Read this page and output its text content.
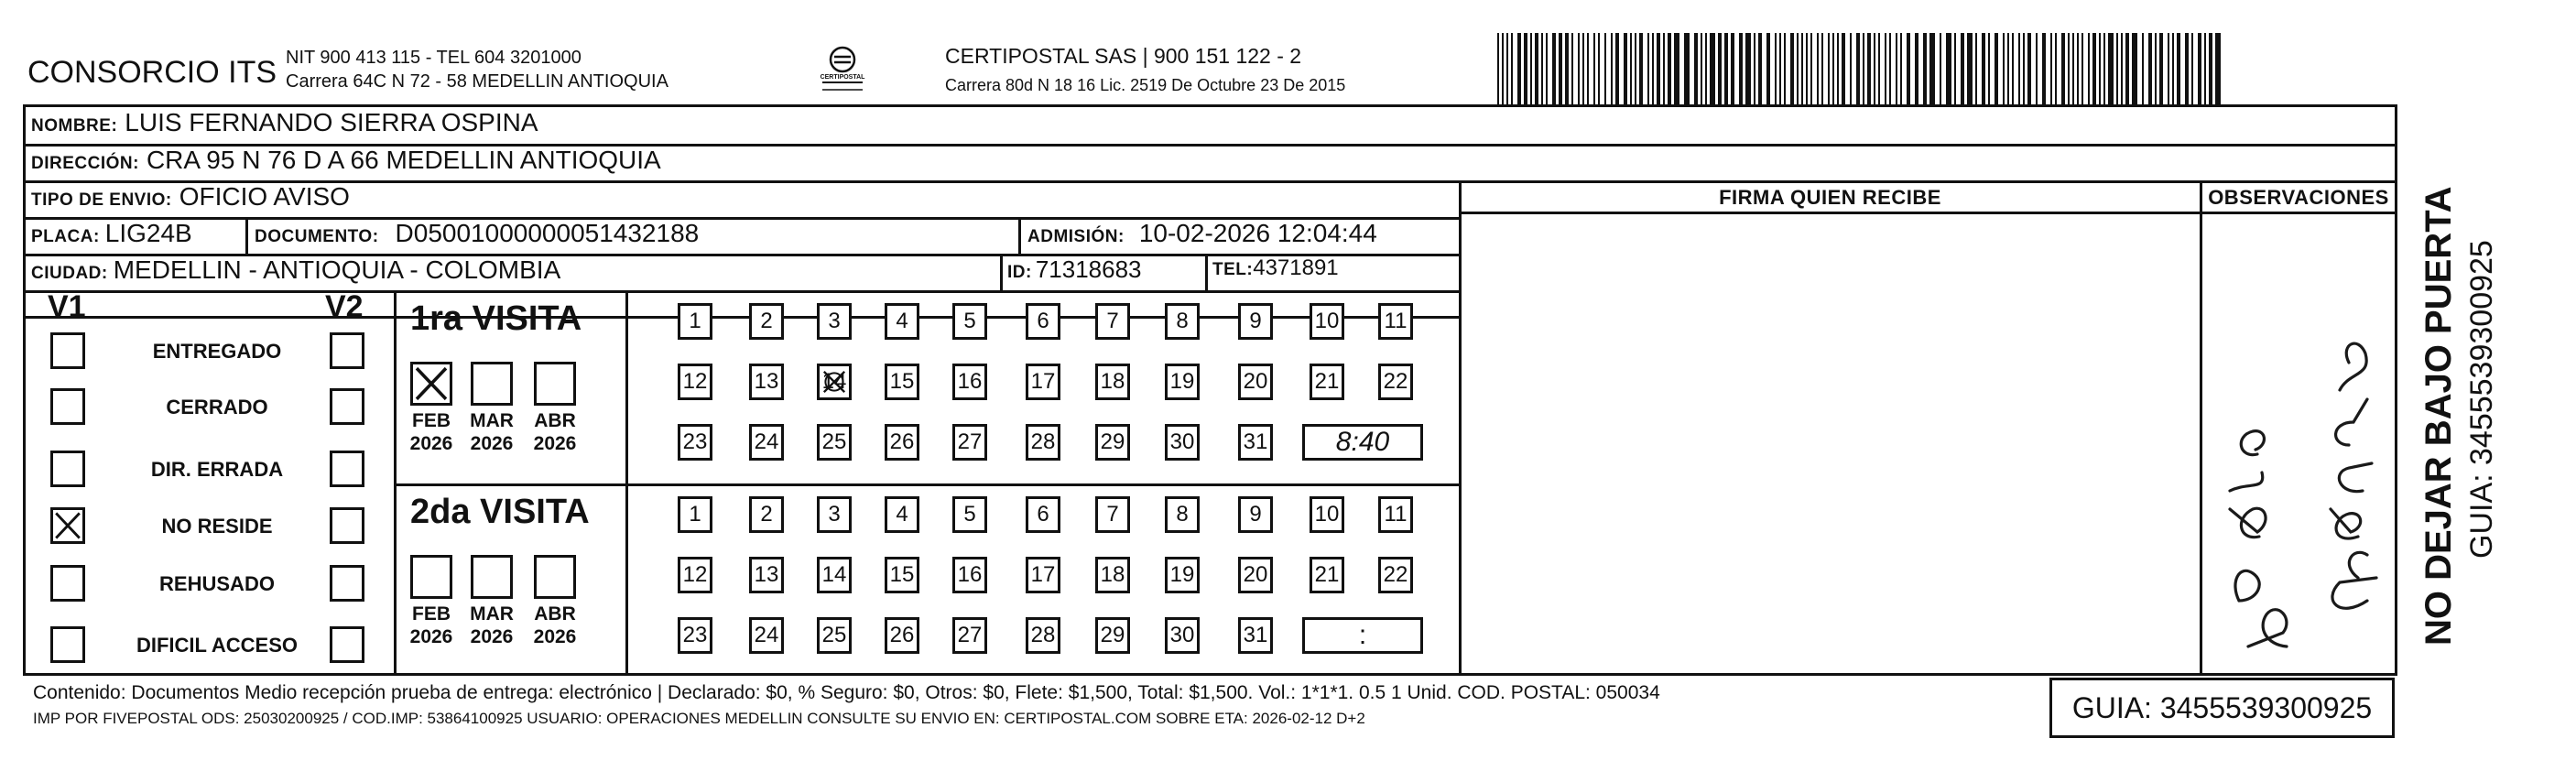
CONSORCIO ITS NIT 900 413 115 - TEL 604 3201000
Carrera 64C N 72 - 58 MEDELLIN ANTIOQUIA	CERTIPOSTAL
CERTIPOSTAL SAS | 900 151 122 - 2
Carrera 80d N 18 16 Lic. 2519 De Octubre 23 De 2015
NOMBRE: LUIS FERNANDO SIERRA OSPINA
DIRECCIÓN: CRA 95 N 76 D A 66 MEDELLIN ANTIOQUIA
TIPO DE ENVIO: OFICIO AVISO
PLACA: LIG24B	DOCUMENTO: D05001000000051432188	ADMISIÓN: 10-02-2026 12:04:44
CIUDAD: MEDELLIN - ANTIOQUIA - COLOMBIA	ID: 71318683	TEL: 4371891
FIRMA QUIEN RECIBE	OBSERVACIONES
V1	V2
ENTREGADO
CERRADO
DIR. ERRADA
NO RESIDE
REHUSADO
DIFICIL ACCESO
1ra VISITA
FEB
2026
MAR
2026
ABR
2026
1	2	3	4	5	6	7	8	9 10 11
12 13 14 15 16 17 18 19 20 21 22
23 24 25 26 27 28 29 30 31 8:40
2da VISITA
FEB
2026
MAR
2026
ABR
2026
1	2	3	4	5	6	7	8	9 10 11
12 13 14 15 16 17 18 19 20 21 22
23 24 25 26 27 28 29 30 31	:
Contenido: Documentos Medio recepción prueba de entrega: electrónico | Declarado: $0, % Seguro: $0, Otros: $0, Flete: $1,500, Total: $1,500. Vol.: 1*1*1. 0.5 1 Unid. COD. POSTAL: 050034
IMP POR FIVEPOSTAL ODS: 25030200925 / COD.IMP: 53864100925 USUARIO: OPERACIONES MEDELLIN CONSULTE SU ENVIO EN: CERTIPOSTAL.COM SOBRE ETA: 2026-02-12 D+2	GUIA: 3455539300925
NO DEJAR BAJO PUERTA GUIA: 3455539300925
